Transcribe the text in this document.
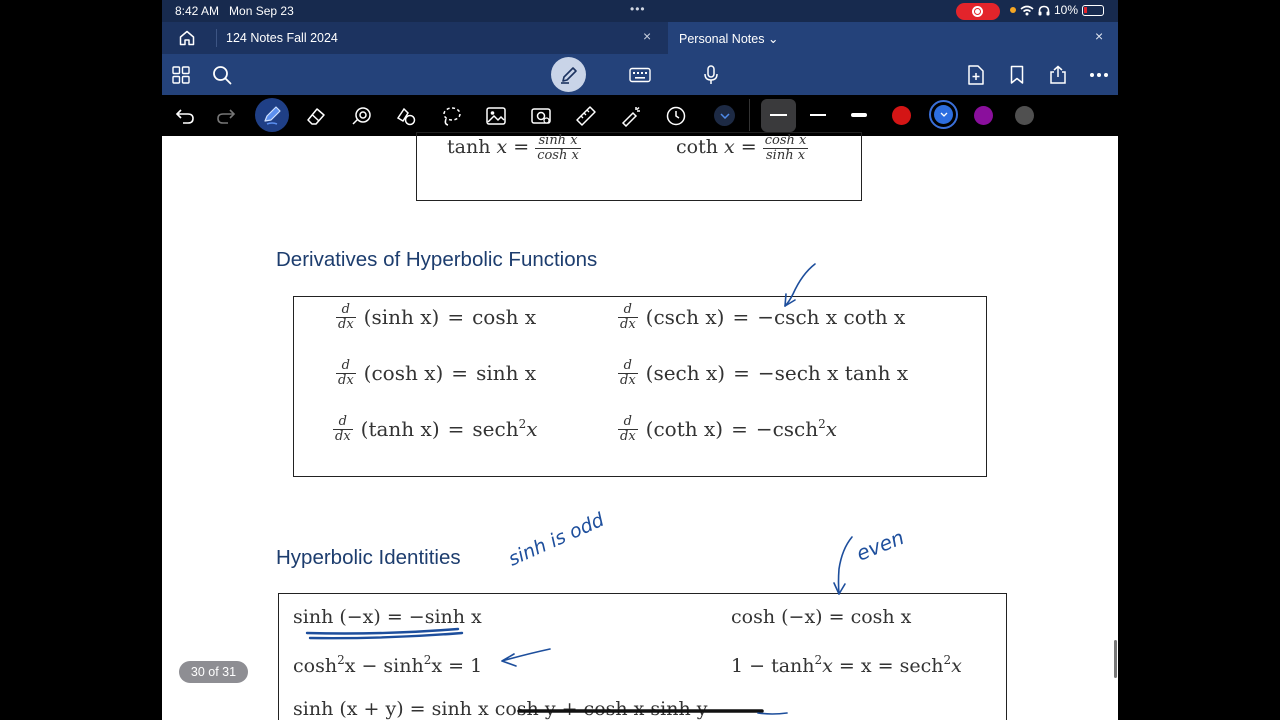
8:42 AM Mon Sep 23	•••	10%
124 Notes Fall 2024	× Personal Notes ⌄	×
$\tanh x = \frac{\text{sinh x}}{\text{cosh x}}$	coth $x = \frac{\text{cosh x}}{\text{sinh x}}$
Derivatives of Hyperbolic Functions
$\frac{d}{dx} (\sinh$ x) = cosh x	$\frac{d}{dx} (\csc h$ x) = −csch x coth x
$\frac{d}{dx} (\cosh$ x) = sinh x	$\frac{d}{dx} (\sec h$ x) = −sech x tanh x
$\frac{d}{dx} (\tanh$ x) = sech$^2$x	$\frac{d}{dx} (\cot h$ x) = −csch$^2$x
Hyperbolic Identities
sinh (−x) = −sinh x	cosh (−x) = cosh x
$\cosh^2x - \sinh^2x = 1$	$1 - \tanh^2x = x = \sec h^2x$
sinh (x + y) = sinh x cosh y + cosh x sinh y
sinh is odd	even
30 of 31
